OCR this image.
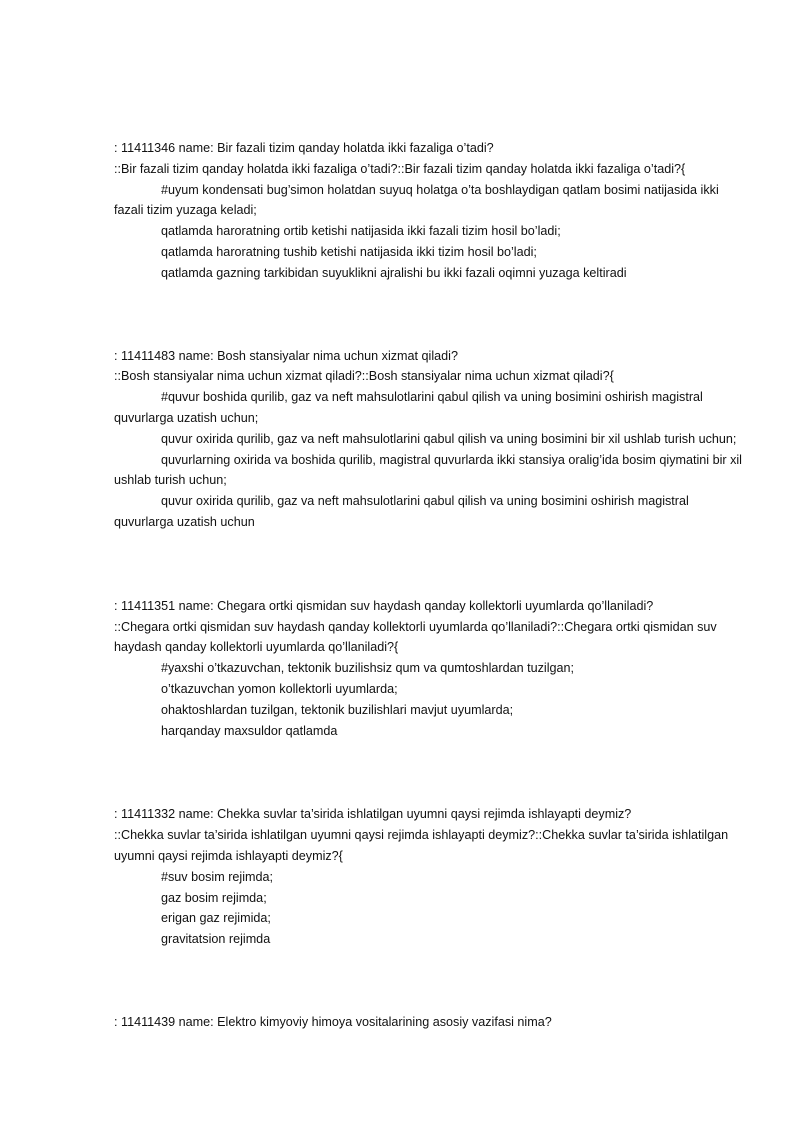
: 11411346 name: Bir fazali tizim qanday holatda ikki fazaliga o’tadi?
::Bir fazali tizim qanday holatda ikki fazaliga o’tadi?::Bir fazali tizim qanday holatda ikki fazaliga o’tadi?{
#uyum kondensati bug’simon holatdan suyuq holatga o’ta boshlaydigan qatlam bosimi natijasida ikki fazali tizim yuzaga keladi;
qatlamda haroratning ortib ketishi natijasida ikki fazali tizim hosil bo’ladi;
qatlamda haroratning tushib ketishi natijasida ikki tizim hosil bo’ladi;
qatlamda gazning tarkibidan suyuklikni ajralishi bu ikki fazali oqimni yuzaga keltiradi
: 11411483 name: Bosh stansiyalar nima uchun xizmat qiladi?
::Bosh stansiyalar nima uchun xizmat qiladi?::Bosh stansiyalar nima uchun xizmat qiladi?{
#quvur boshida qurilib, gaz va neft mahsulotlarini qabul qilish va uning bosimini oshirish magistral quvurlarga uzatish uchun;
quvur oxirida qurilib, gaz va neft mahsulotlarini qabul qilish va uning bosimini bir xil ushlab turish uchun;
quvurlarning oxirida va boshida qurilib, magistral quvurlarda ikki stansiya oralig’ida bosim qiymatini bir xil ushlab turish uchun;
quvur oxirida qurilib, gaz va neft mahsulotlarini qabul qilish va uning bosimini oshirish magistral quvurlarga uzatish uchun
: 11411351 name: Chegara ortki qismidan suv haydash qanday kollektorli uyumlarda qo’llaniladi?
::Chegara ortki qismidan suv haydash qanday kollektorli uyumlarda qo’llaniladi?::Chegara ortki qismidan suv haydash qanday kollektorli uyumlarda qo’llaniladi?{
#yaxshi o’tkazuvchan, tektonik buzilishsiz qum va qumtoshlardan tuzilgan;
o’tkazuvchan yomon kollektorli uyumlarda;
ohaktoshlardan tuzilgan, tektonik buzilishlari mavjut uyumlarda;
harqanday maxsuldor qatlamda
: 11411332 name: Chekka suvlar ta’sirida ishlatilgan uyumni qaysi rejimda ishlayapti deymiz?
::Chekka suvlar ta’sirida ishlatilgan uyumni qaysi rejimda ishlayapti deymiz?::Chekka suvlar ta’sirida ishlatilgan uyumni qaysi rejimda ishlayapti deymiz?{
#suv bosim rejimda;
gaz bosim rejimda;
erigan gaz rejimida;
gravitatsion rejimda
: 11411439 name: Elektro kimyoviy himoya vositalarining asosiy vazifasi nima?
